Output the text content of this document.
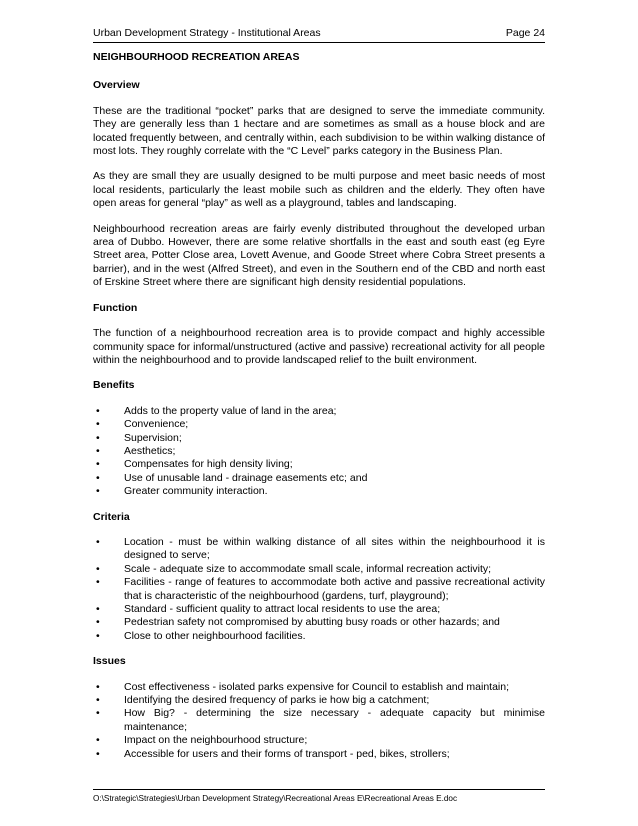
Urban Development Strategy - Institutional Areas	Page 24
NEIGHBOURHOOD RECREATION AREAS
Overview

These are the traditional “pocket” parks that are designed to serve the immediate community. They are generally less than 1 hectare and are sometimes as small as a house block and are located frequently between, and centrally within, each subdivision to be within walking distance of most lots. They roughly correlate with the “C Level” parks category in the Business Plan.

As they are small they are usually designed to be multi purpose and meet basic needs of most local residents, particularly the least mobile such as children and the elderly. They often have open areas for general “play” as well as a playground, tables and landscaping.

Neighbourhood recreation areas are fairly evenly distributed throughout the developed urban area of Dubbo. However, there are some relative shortfalls in the east and south east (eg Eyre Street area, Potter Close area, Lovett Avenue, and Goode Street where Cobra Street presents a barrier), and in the west (Alfred Street), and even in the Southern end of the CBD and north east of Erskine Street where there are significant high density residential populations.

Function

The function of a neighbourhood recreation area is to provide compact and highly accessible community space for informal/unstructured (active and passive) recreational activity for all people within the neighbourhood and to provide landscaped relief to the built environment.

Benefits
• Adds to the property value of land in the area;
• Convenience;
• Supervision;
• Aesthetics;
• Compensates for high density living;
• Use of unusable land - drainage easements etc; and
• Greater community interaction.
Criteria
• Location - must be within walking distance of all sites within the neighbourhood it is designed to serve;
• Scale - adequate size to accommodate small scale, informal recreation activity;
• Facilities - range of features to accommodate both active and passive recreational activity that is characteristic of the neighbourhood (gardens, turf, playground);
• Standard - sufficient quality to attract local residents to use the area;
• Pedestrian safety not compromised by abutting busy roads or other hazards; and
• Close to other neighbourhood facilities.
Issues
• Cost effectiveness - isolated parks expensive for Council to establish and maintain;
• Identifying the desired frequency of parks ie how big a catchment;
• How Big? - determining the size necessary - adequate capacity but minimise maintenance;
• Impact on the neighbourhood structure;
• Accessible for users and their forms of transport - ped, bikes, strollers;
O:\Strategic\Strategies\Urban Development Strategy\Recreational Areas E\Recreational Areas E.doc
